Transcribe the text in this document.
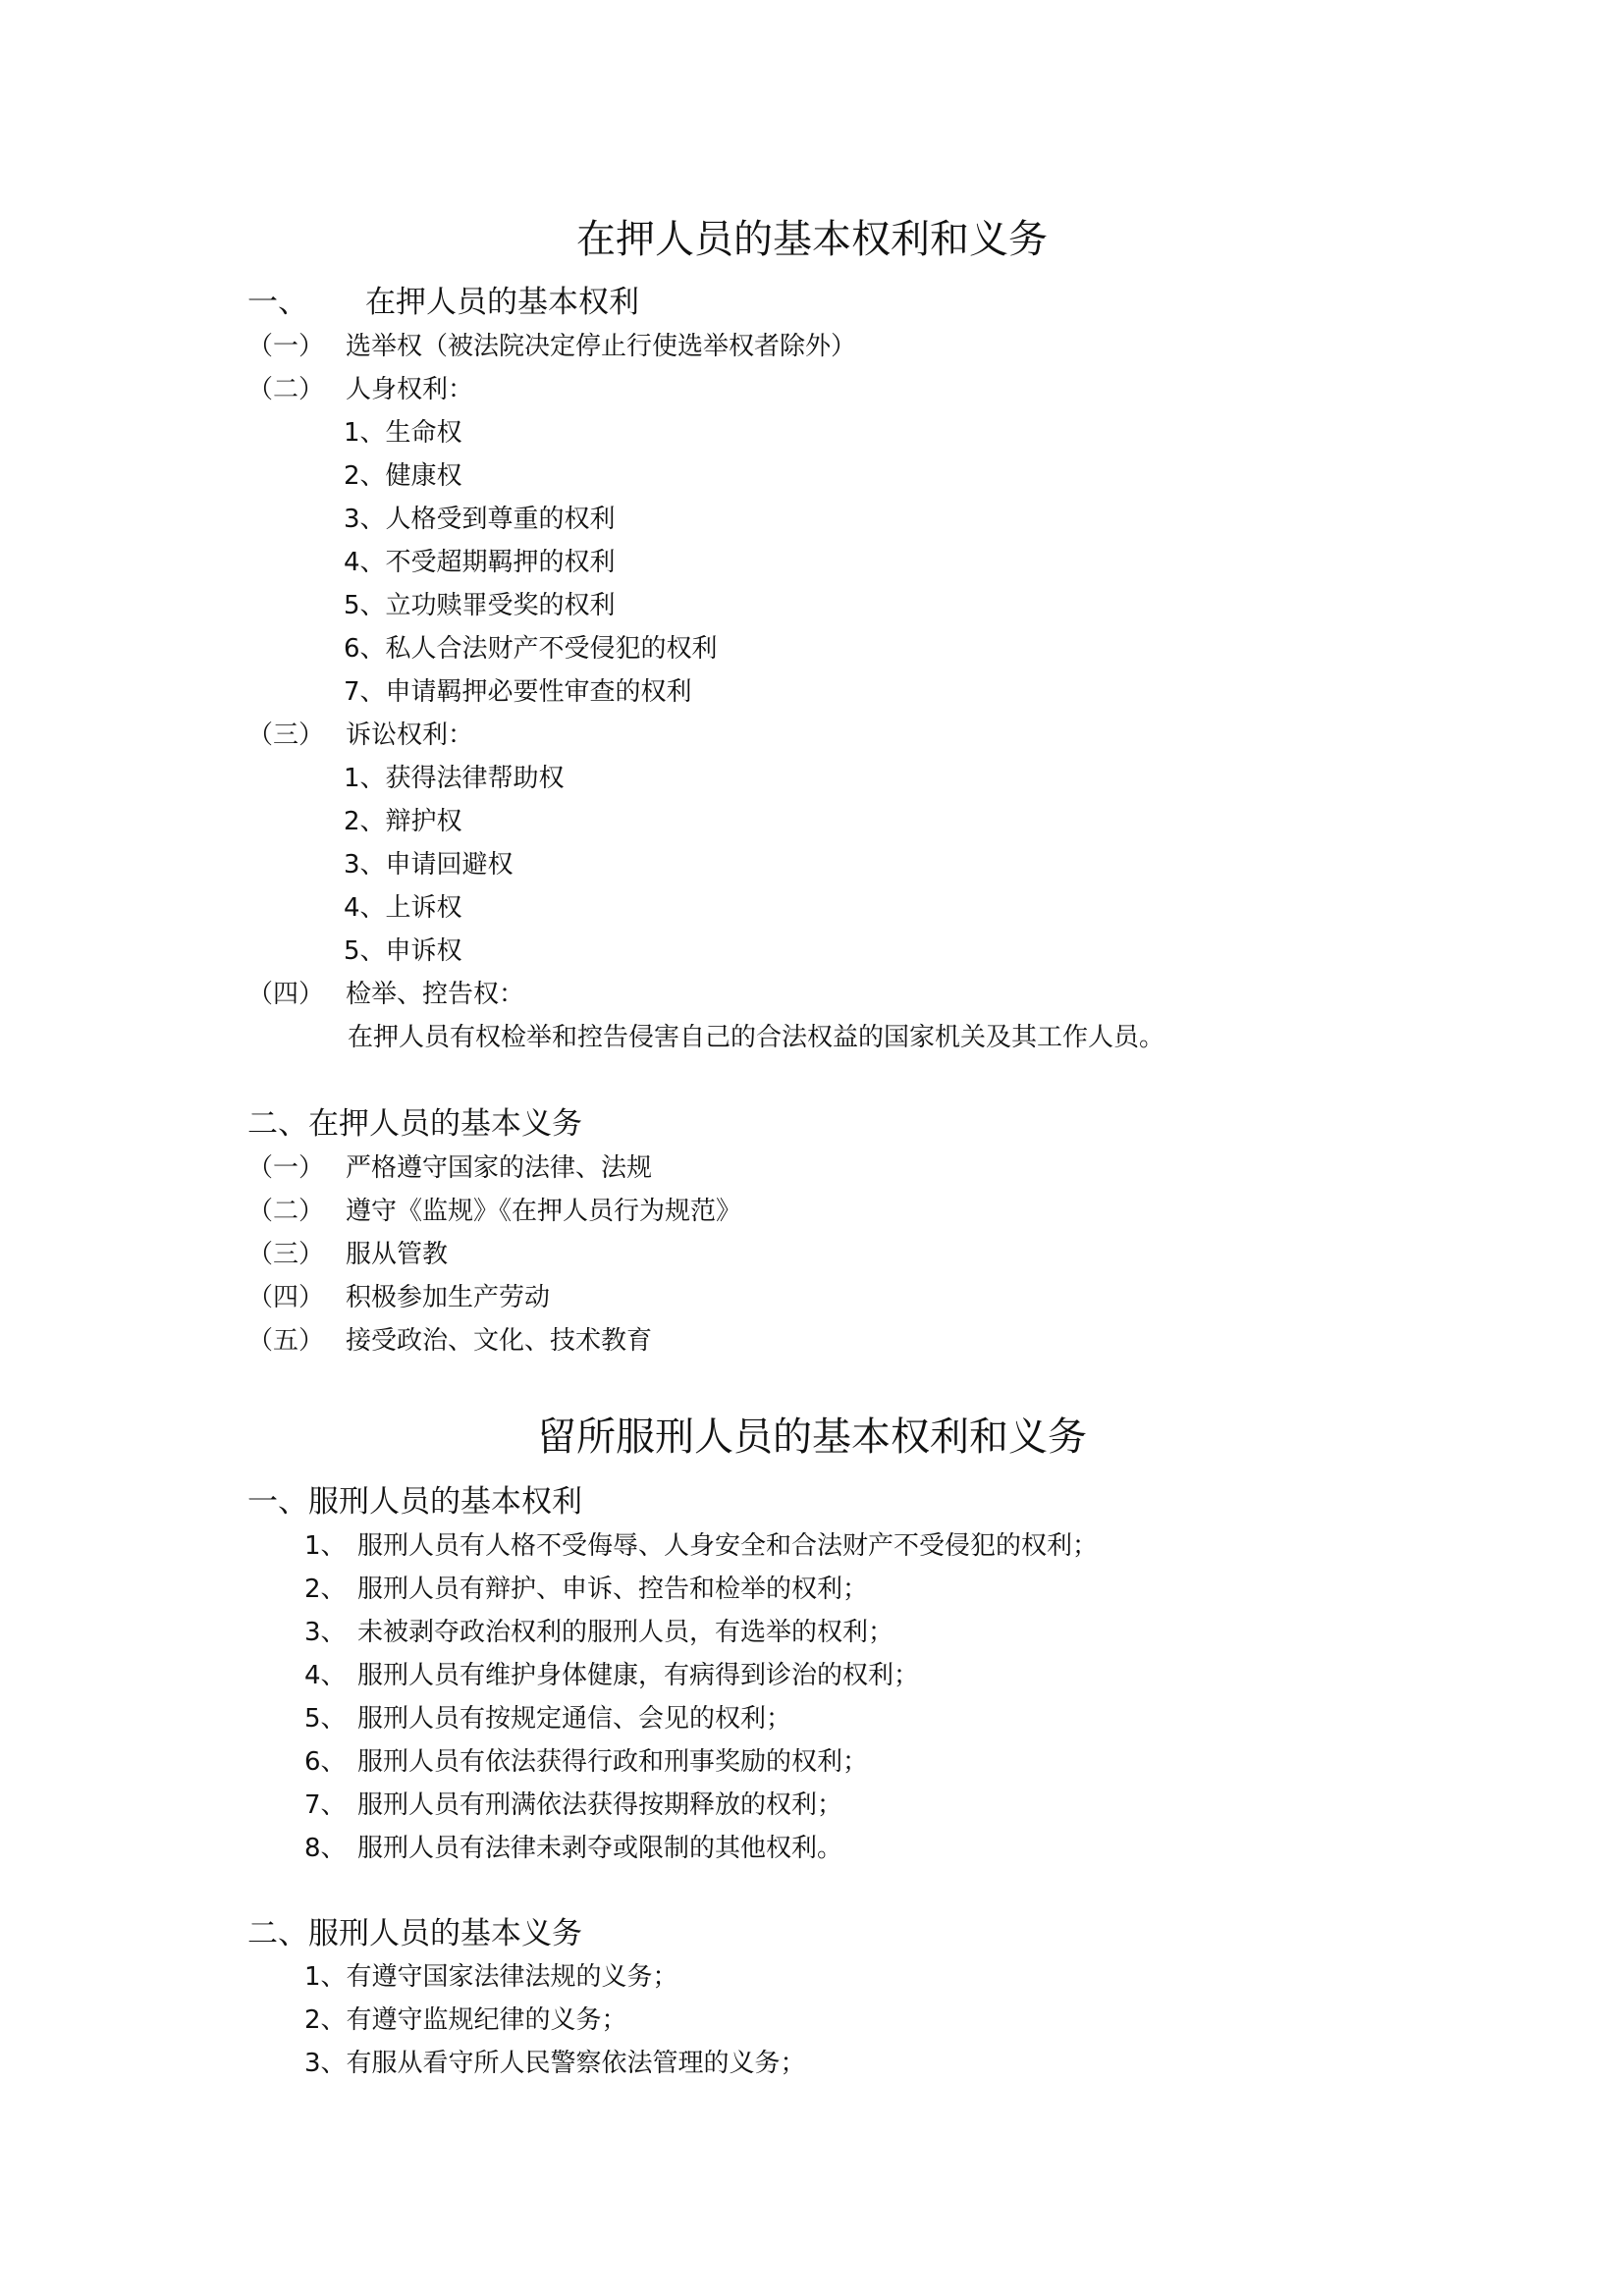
在押人员的基本权利和义务
一、 在押人员的基本权利
（一） 选举权（被法院决定停止行使选举权者除外）
（二） 人身权利：
1、生命权
2、健康权
3、人格受到尊重的权利
4、不受超期羁押的权利
5、立功赎罪受奖的权利
6、私人合法财产不受侵犯的权利
7、申请羁押必要性审查的权利
（三） 诉讼权利：
1、获得法律帮助权
2、辩护权
3、申请回避权
4、上诉权
5、申诉权
（四） 检举、控告权：
在押人员有权检举和控告侵害自己的合法权益的国家机关及其工作人员。
二、在押人员的基本义务
（一） 严格遵守国家的法律、法规
（二） 遵守《监规》《在押人员行为规范》
（三） 服从管教
（四） 积极参加生产劳动
（五） 接受政治、文化、技术教育
留所服刑人员的基本权利和义务
一、服刑人员的基本权利
1、 服刑人员有人格不受侮辱、人身安全和合法财产不受侵犯的权利；
2、 服刑人员有辩护、申诉、控告和检举的权利；
3、 未被剥夺政治权利的服刑人员，有选举的权利；
4、 服刑人员有维护身体健康，有病得到诊治的权利；
5、 服刑人员有按规定通信、会见的权利；
6、 服刑人员有依法获得行政和刑事奖励的权利；
7、 服刑人员有刑满依法获得按期释放的权利；
8、 服刑人员有法律未剥夺或限制的其他权利。
二、服刑人员的基本义务
1、有遵守国家法律法规的义务；
2、有遵守监规纪律的义务；
3、有服从看守所人民警察依法管理的义务；
